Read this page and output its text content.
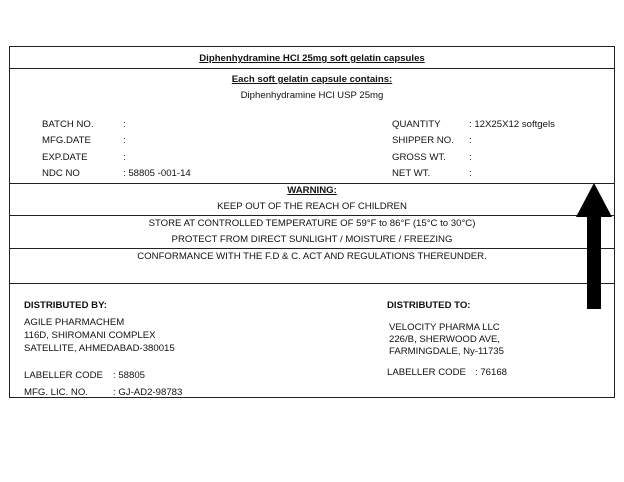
Diphenhydramine HCl 25mg soft gelatin capsules
Each soft gelatin capsule contains:
Diphenhydramine HCl USP 25mg
BATCH NO.	:
MFG.DATE	:
EXP.DATE	:
NDC NO	: 58805 -001-14
QUANTITY	: 12X25X12 softgels
SHIPPER NO. :
GROSS WT. :
NET WT.	:
WARNING:
KEEP OUT OF THE REACH OF CHILDREN
STORE AT CONTROLLED TEMPERATURE OF 59°F to 86°F (15°C to 30°C)
PROTECT FROM DIRECT SUNLIGHT / MOISTURE / FREEZING
CONFORMANCE WITH THE F.D & C. ACT AND REGULATIONS THEREUNDER.
DISTRIBUTED BY:
AGILE PHARMACHEM
116D, SHIROMANI COMPLEX
SATELLITE, AHMEDABAD-380015
LABELLER CODE : 58805
MFG. LIC. NO.	: GJ-AD2-98783
DISTRIBUTED TO:
VELOCITY PHARMA LLC
226/B, SHERWOOD AVE,
FARMINGDALE, Ny-11735
LABELLER CODE : 76168
